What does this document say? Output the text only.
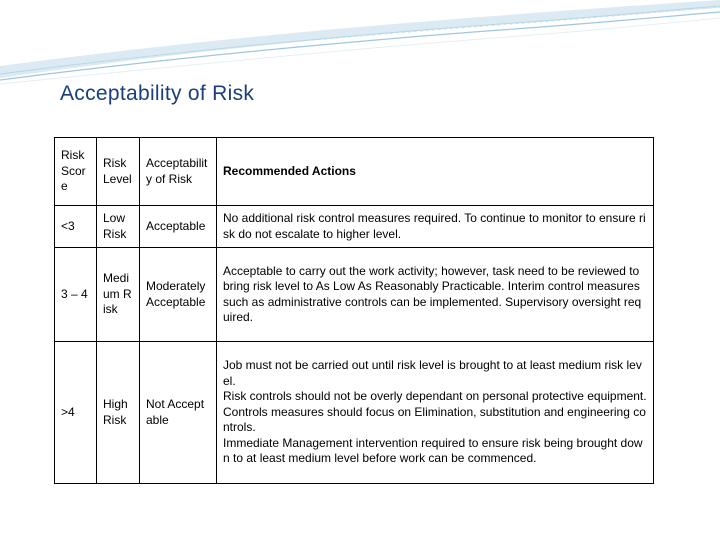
Acceptability of Risk
Risk Score	Risk Level	Acceptability of Risk	Recommended Actions
<3	Low Risk	Acceptable	No additional risk control measures required. To continue to monitor to ensure risk do not escalate to higher level.
3 – 4	Medium Risk	Moderately Acceptable	Acceptable to carry out the work activity; however, task need to be reviewed to bring risk level to As Low As Reasonably Practicable. Interim control measures such as administrative controls can be implemented. Supervisory oversight required.
>4	High Risk	Not Acceptable	Job must not be carried out until risk level is brought to at least medium risk level.
Risk controls should not be overly dependant on personal protective equipment. Controls measures should focus on Elimination, substitution and engineering controls.
Immediate Management intervention required to ensure risk being brought down to at least medium level before work can be commenced.
